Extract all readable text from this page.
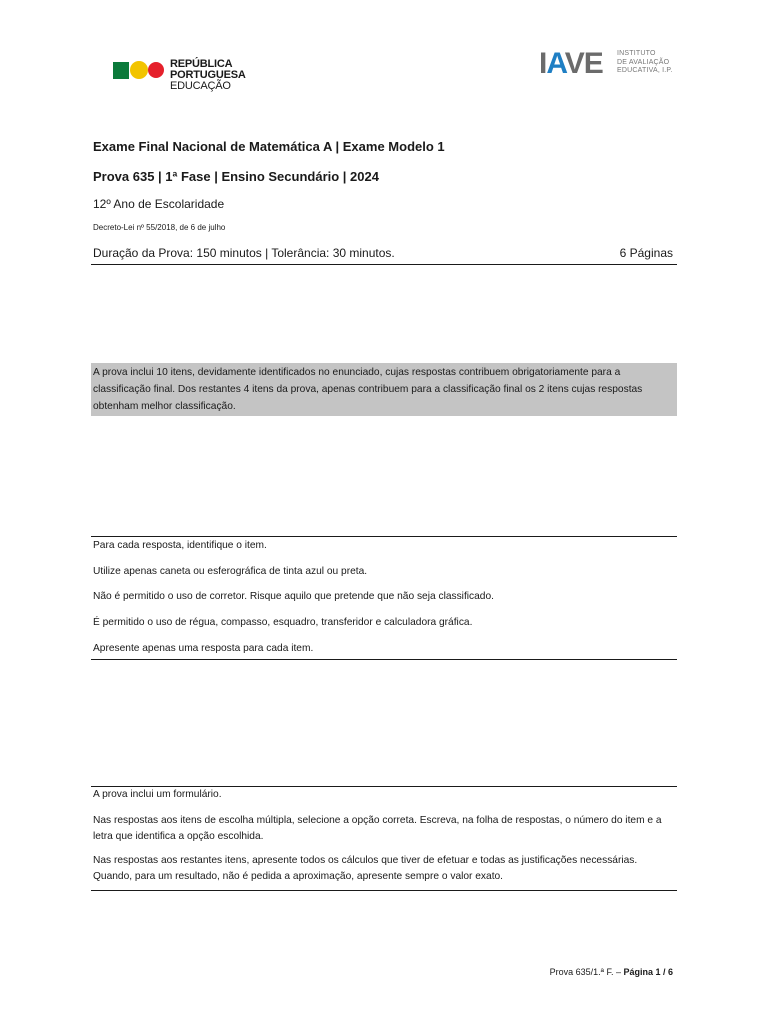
REPÚBLICA
PORTUGUESA
EDUCAÇÃO
IAVE INSTITUTO
DE AVALIAÇÃO
EDUCATIVA, I.P.
Exame Final Nacional de Matemática A | Exame Modelo 1
Prova 635 | 1ª Fase | Ensino Secundário | 2024
12º Ano de Escolaridade
Decreto-Lei nº 55/2018, de 6 de julho
Duração da Prova: 150 minutos | Tolerância: 30 minutos.	6 Páginas
A prova inclui 10 itens, devidamente identificados no enunciado, cujas respostas contribuem obrigatoriamente para a classificação final. Dos restantes 4 itens da prova, apenas contribuem para a classificação final os 2 itens cujas respostas obtenham melhor classificação.
Para cada resposta, identifique o item.
Utilize apenas caneta ou esferográfica de tinta azul ou preta.
Não é permitido o uso de corretor. Risque aquilo que pretende que não seja classificado.
É permitido o uso de régua, compasso, esquadro, transferidor e calculadora gráfica.
Apresente apenas uma resposta para cada item.
A prova inclui um formulário.
Nas respostas aos itens de escolha múltipla, selecione a opção correta. Escreva, na folha de respostas, o número do item e a letra que identifica a opção escolhida.
Nas respostas aos restantes itens, apresente todos os cálculos que tiver de efetuar e todas as justificações necessárias. Quando, para um resultado, não é pedida a aproximação, apresente sempre o valor exato.
Prova 635/1.ª F. – Página 1 / 6
